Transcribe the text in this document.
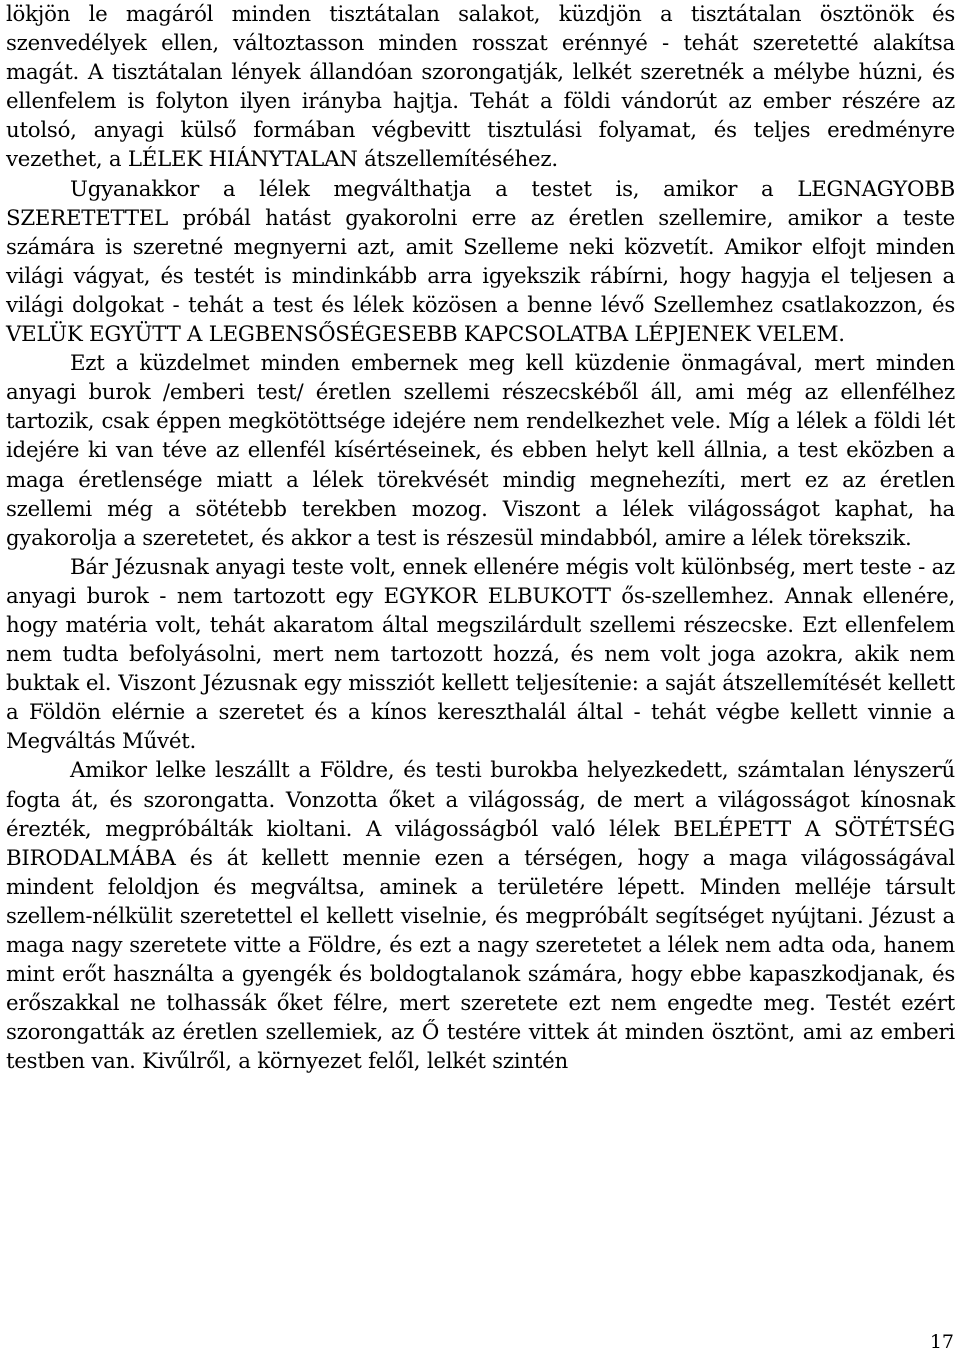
lökjön le magáról minden tisztátalan salakot, küzdjön a tisztátalan ösztönök és szenvedélyek ellen, változtasson minden rosszat erénnyé - tehát szeretetté alakítsa magát. A tisztátalan lények állandóan szorongatják, lelkét szeretnék a mélybe húzni, és ellenfelem is folyton ilyen irányba hajtja. Tehát a földi vándorút az ember részére az utolsó, anyagi külső formában végbevitt tisztulási folyamat, és teljes eredményre vezethet, a LÉLEK HIÁNYTALAN átszellemítéséhez.

Ugyanakkor a lélek megválthatja a testet is, amikor a LEGNAGYOBB SZERETETTEL próbál hatást gyakorolni erre az éretlen szellemire, amikor a teste számára is szeretné megnyerni azt, amit Szelleme neki közvetít. Amikor elfojt minden világi vágyat, és testét is mindinkább arra igyekszik rábírni, hogy hagyja el teljesen a világi dolgokat - tehát a test és lélek közösen a benne lévő Szellemhez csatlakozzon, és VELÜK EGYÜTT A LEGBENSŐSÉGESEBB KAPCSOLATBA LÉPJENEK VELEM.

Ezt a küzdelmet minden embernek meg kell küzdenie önmagával, mert minden anyagi burok /emberi test/ éretlen szellemi részecskéből áll, ami még az ellenfélhez tartozik, csak éppen megkötöttsége idejére nem rendelkezhet vele. Míg a lélek a földi lét idejére ki van téve az ellenfél kísértéseinek, és ebben helyt kell állnia, a test eközben a maga éretlensége miatt a lélek törekvését mindig megnehezíti, mert ez az éretlen szellemi még a sötétebb terekben mozog. Viszont a lélek világosságot kaphat, ha gyakorolja a szeretetet, és akkor a test is részesül mindabból, amire a lélek törekszik.

Bár Jézusnak anyagi teste volt, ennek ellenére mégis volt különbség, mert teste - az anyagi burok - nem tartozott egy EGYKOR ELBUKOTT ős-szellemhez. Annak ellenére, hogy matéria volt, tehát akaratom által megszilárdult szellemi részecske. Ezt ellenfelem nem tudta befolyásolni, mert nem tartozott hozzá, és nem volt joga azokra, akik nem buktak el. Viszont Jézusnak egy missziót kellett teljesítenie: a saját átszellemítését kellett a Földön elérnie a szeretet és a kínos kereszthalál által - tehát végbe kellett vinnie a Megváltás Művét.

Amikor lelke leszállt a Földre, és testi burokba helyezkedett, számtalan lényszerű fogta át, és szorongatta. Vonzotta őket a világosság, de mert a világosságot kínosnak érezték, megpróbálták kioltani. A világosságból való lélek BELÉPETT A SÖTÉTSÉG BIRODALMÁBA és át kellett mennie ezen a térségen, hogy a maga világosságával mindent feloldjon és megváltsa, aminek a területére lépett. Minden melléje társult szellem-nélkülit szeretettel el kellett viselnie, és megpróbált segítséget nyújtani. Jézust a maga nagy szeretete vitte a Földre, és ezt a nagy szeretetet a lélek nem adta oda, hanem mint erőt használta a gyengék és boldogtalanok számára, hogy ebbe kapaszkodjanak, és erőszakkal ne tolhassák őket félre, mert szeretete ezt nem engedte meg. Testét ezért szorongatták az éretlen szellemiek, az Ő testére vittek át minden ösztönt, ami az emberi testben van. Kivűlről, a környezet felől, lelkét szintén

17
